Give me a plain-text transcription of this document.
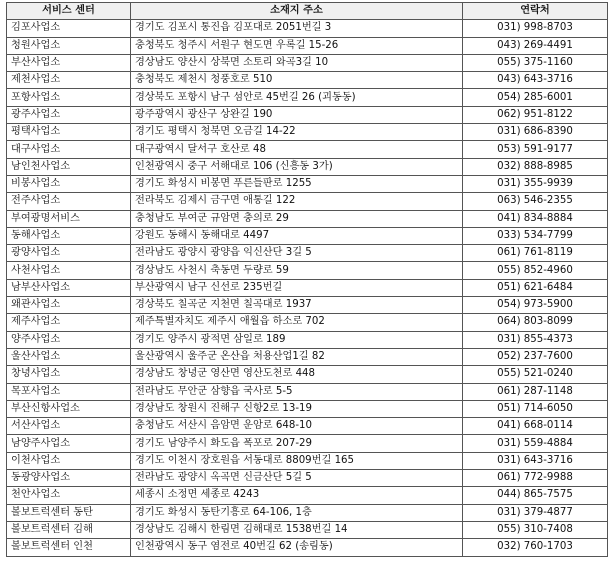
서비스 센터	소재지 주소	연락처
김포사업소	경기도 김포시 통진읍 김포대로 2051번길 3	031) 998-8703
청원사업소	충청북도 청주시 서원구 현도면 우록길 15-26	043) 269-4491
부산사업소	경상남도 양산시 상북면 소토리 와곡3길 10	055) 375-1160
제천사업소	충청북도 제천시 청풍호로 510	043) 643-3716
포항사업소	경상북도 포항시 남구 섬안로 45번길 26 (괴동동)	054) 285-6001
광주사업소	광주광역시 광산구 상완길 190	062) 951-8122
평택사업소	경기도 평택시 청북면 오금길 14-22	031) 686-8390
대구사업소	대구광역시 달서구 호산로 48	053) 591-9177
남인천사업소	인천광역시 중구 서해대로 106 (신흥동 3가)	032) 888-8985
비봉사업소	경기도 화성시 비봉면 푸른들판로 1255	031) 355-9939
전주사업소	전라북도 김제시 금구면 애통길 122	063) 546-2355
부여광명서비스	충청남도 부여군 규암면 충의로 29	041) 834-8884
동해사업소	강원도 동해시 동해대로 4497	033) 534-7799
광양사업소	전라남도 광양시 광양읍 익신산단 3길 5	061) 761-8119
사천사업소	경상남도 사천시 축동면 두량로 59	055) 852-4960
남부산사업소	부산광역시 남구 신선로 235번길	051) 621-6484
왜관사업소	경상북도 칠곡군 지천면 칠곡대로 1937	054) 973-5900
제주사업소	제주특별자치도 제주시 애월읍 하소로 702	064) 803-8099
양주사업소	경기도 양주시 광적면 삼일로 189	031) 855-4373
울산사업소	울산광역시 울주군 온산읍 처용산업1길 82	052) 237-7600
창녕사업소	경상남도 창녕군 영산면 영산도천로 448	055) 521-0240
목포사업소	전라남도 무안군 삼향읍 국사로 5-5	061) 287-1148
부산신항사업소	경상남도 창원시 진해구 신항2로 13-19	051) 714-6050
서산사업소	충청남도 서산시 음암면 운암로 648-10	041) 668-0114
남양주사업소	경기도 남양주시 화도읍 폭포로 207-29	031) 559-4884
이천사업소	경기도 이천시 장호원읍 서동대로 8809번길 165	031) 643-3716
동광양사업소	전라남도 광양시 옥곡면 신금산단 5길 5	061) 772-9988
천안사업소	세종시 소정면 세종로 4243	044) 865-7575
볼보트럭센터 동탄	경기도 화성시 동탄기흥로 64-106, 1층	031) 379-4877
볼보트럭센터 김해	경상남도 김해시 한림면 김해대로 1538번길 14	055) 310-7408
볼보트럭센터 인천	인천광역시 동구 염전로 40번길 62 (송림동)	032) 760-1703
